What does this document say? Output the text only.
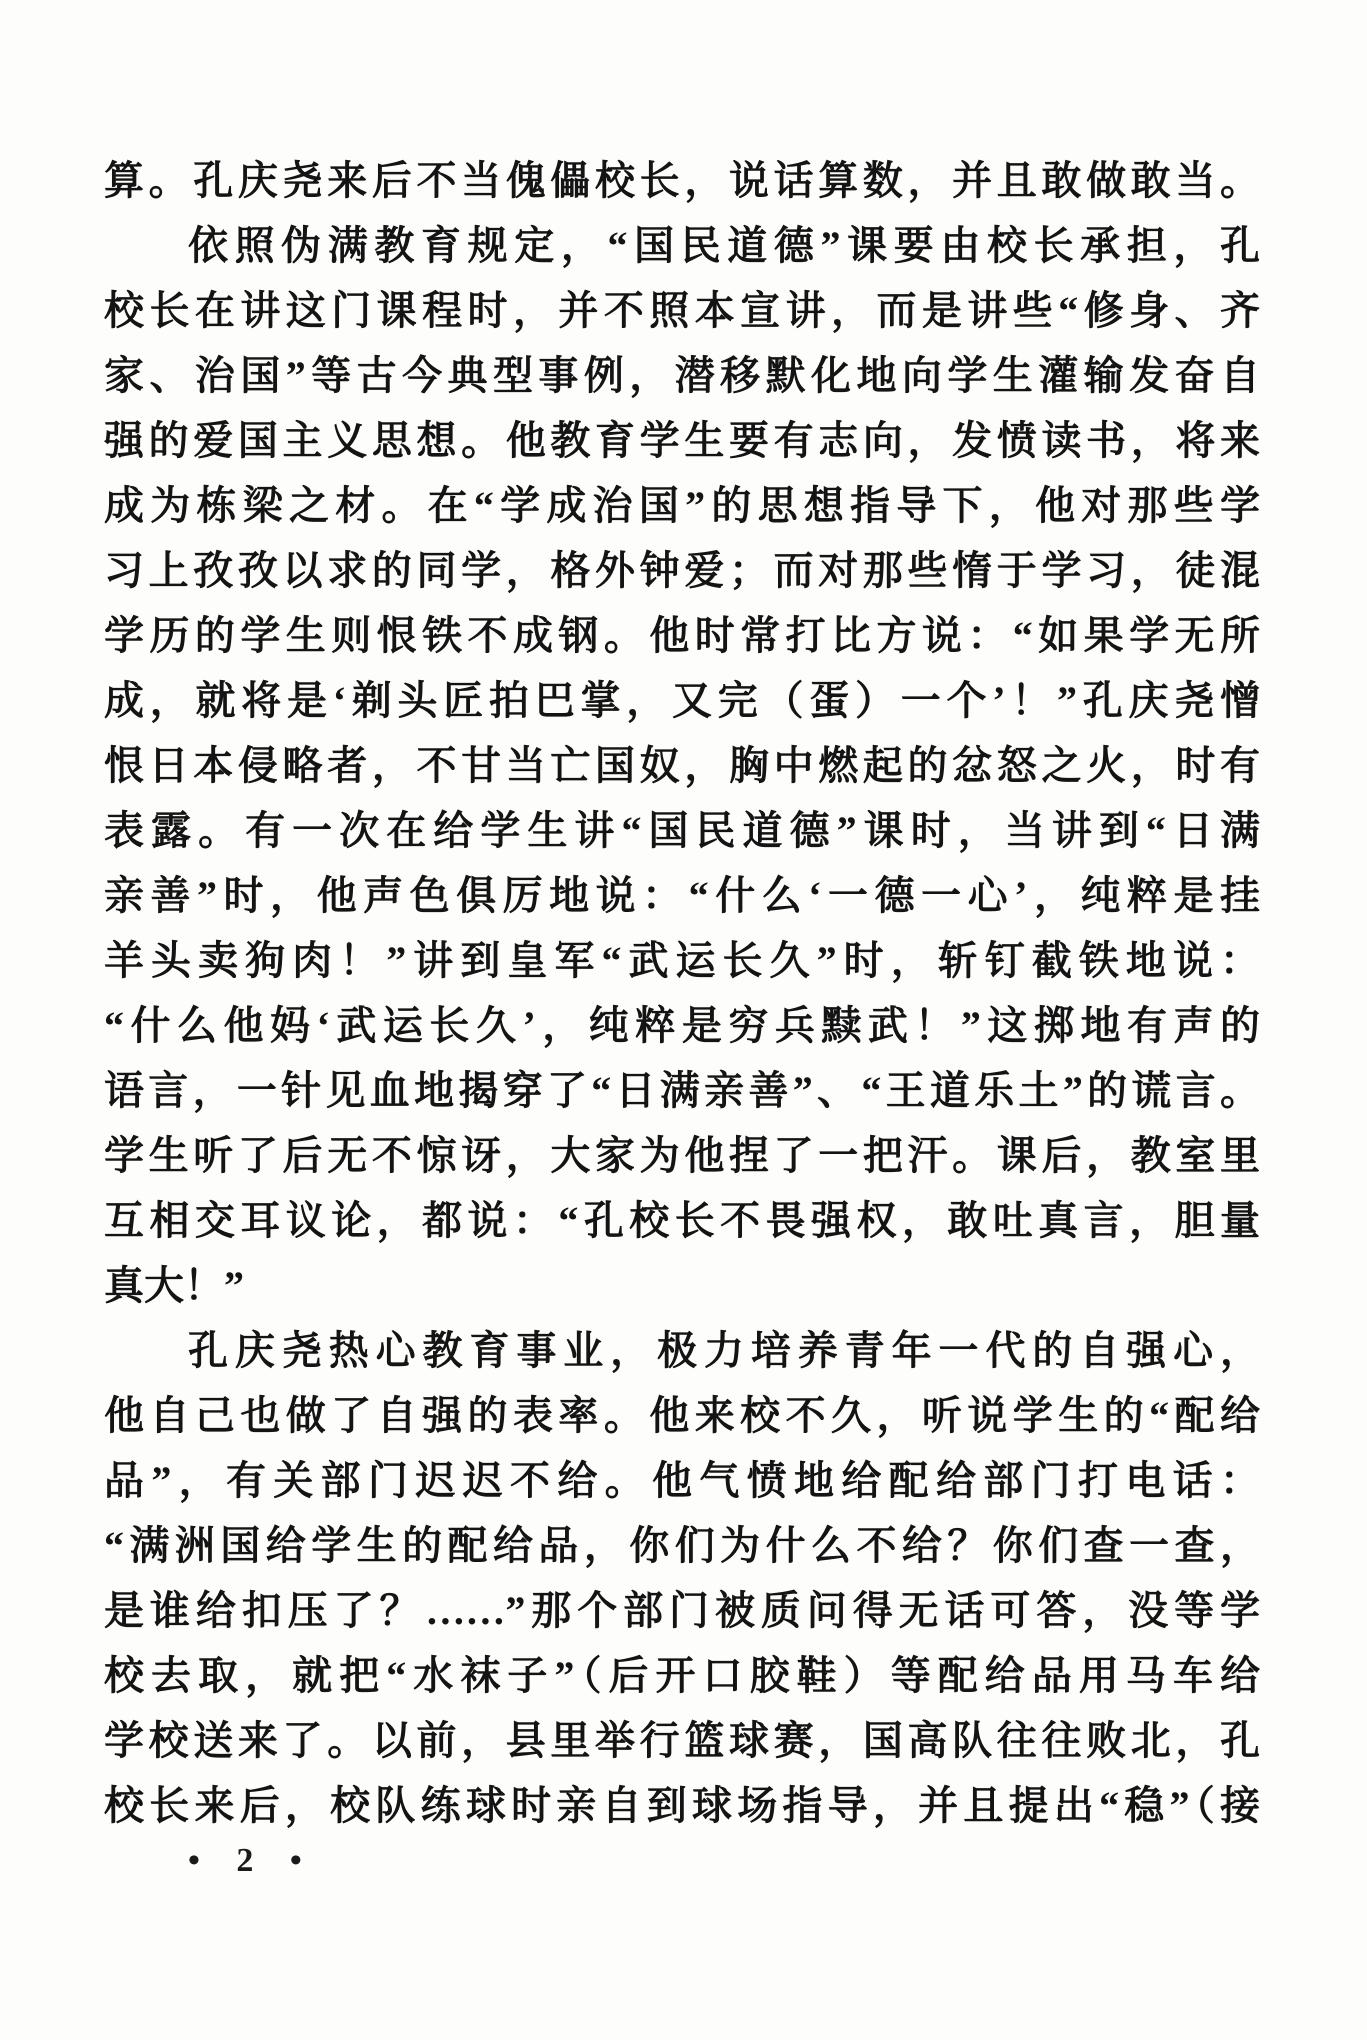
算。孔庆尧来后不当傀儡校长，说话算数，并且敢做敢当。
依照伪满教育规定，“国民道德”课要由校长承担，孔
校长在讲这门课程时，并不照本宣讲，而是讲些“修身、齐
家、治国”等古今典型事例，潜移默化地向学生灌输发奋自
强的爱国主义思想。他教育学生要有志向，发愤读书，将来
成为栋梁之材。在“学成治国”的思想指导下，他对那些学
习上孜孜以求的同学，格外钟爱；而对那些惰于学习，徒混
学历的学生则恨铁不成钢。他时常打比方说：“如果学无所
成，就将是‘剃头匠拍巴掌，又完（蛋）一个’！”孔庆尧憎
恨日本侵略者，不甘当亡国奴，胸中燃起的忿怒之火，时有
表露。有一次在给学生讲“国民道德”课时，当讲到“日满
亲善”时，他声色俱厉地说：“什么‘一德一心’，纯粹是挂
羊头卖狗肉！”讲到皇军“武运长久”时，斩钉截铁地说：
“什么他妈‘武运长久’，纯粹是穷兵黩武！”这掷地有声的
语言，一针见血地揭穿了“日满亲善”、“王道乐土”的谎言。
学生听了后无不惊讶，大家为他捏了一把汗。课后，教室里
互相交耳议论，都说：“孔校长不畏强权，敢吐真言，胆量
真大！”
孔庆尧热心教育事业，极力培养青年一代的自强心，
他自己也做了自强的表率。他来校不久，听说学生的“配给
品”，有关部门迟迟不给。他气愤地给配给部门打电话：
“满洲国给学生的配给品，你们为什么不给？你们查一查，
是谁给扣压了？……”那个部门被质问得无话可答，没等学
校去取，就把“水袜子”（后开口胶鞋）等配给品用马车给
学校送来了。以前，县里举行篮球赛，国高队往往败北，孔
校长来后，校队练球时亲自到球场指导，并且提出“稳”（接
• 2 •
